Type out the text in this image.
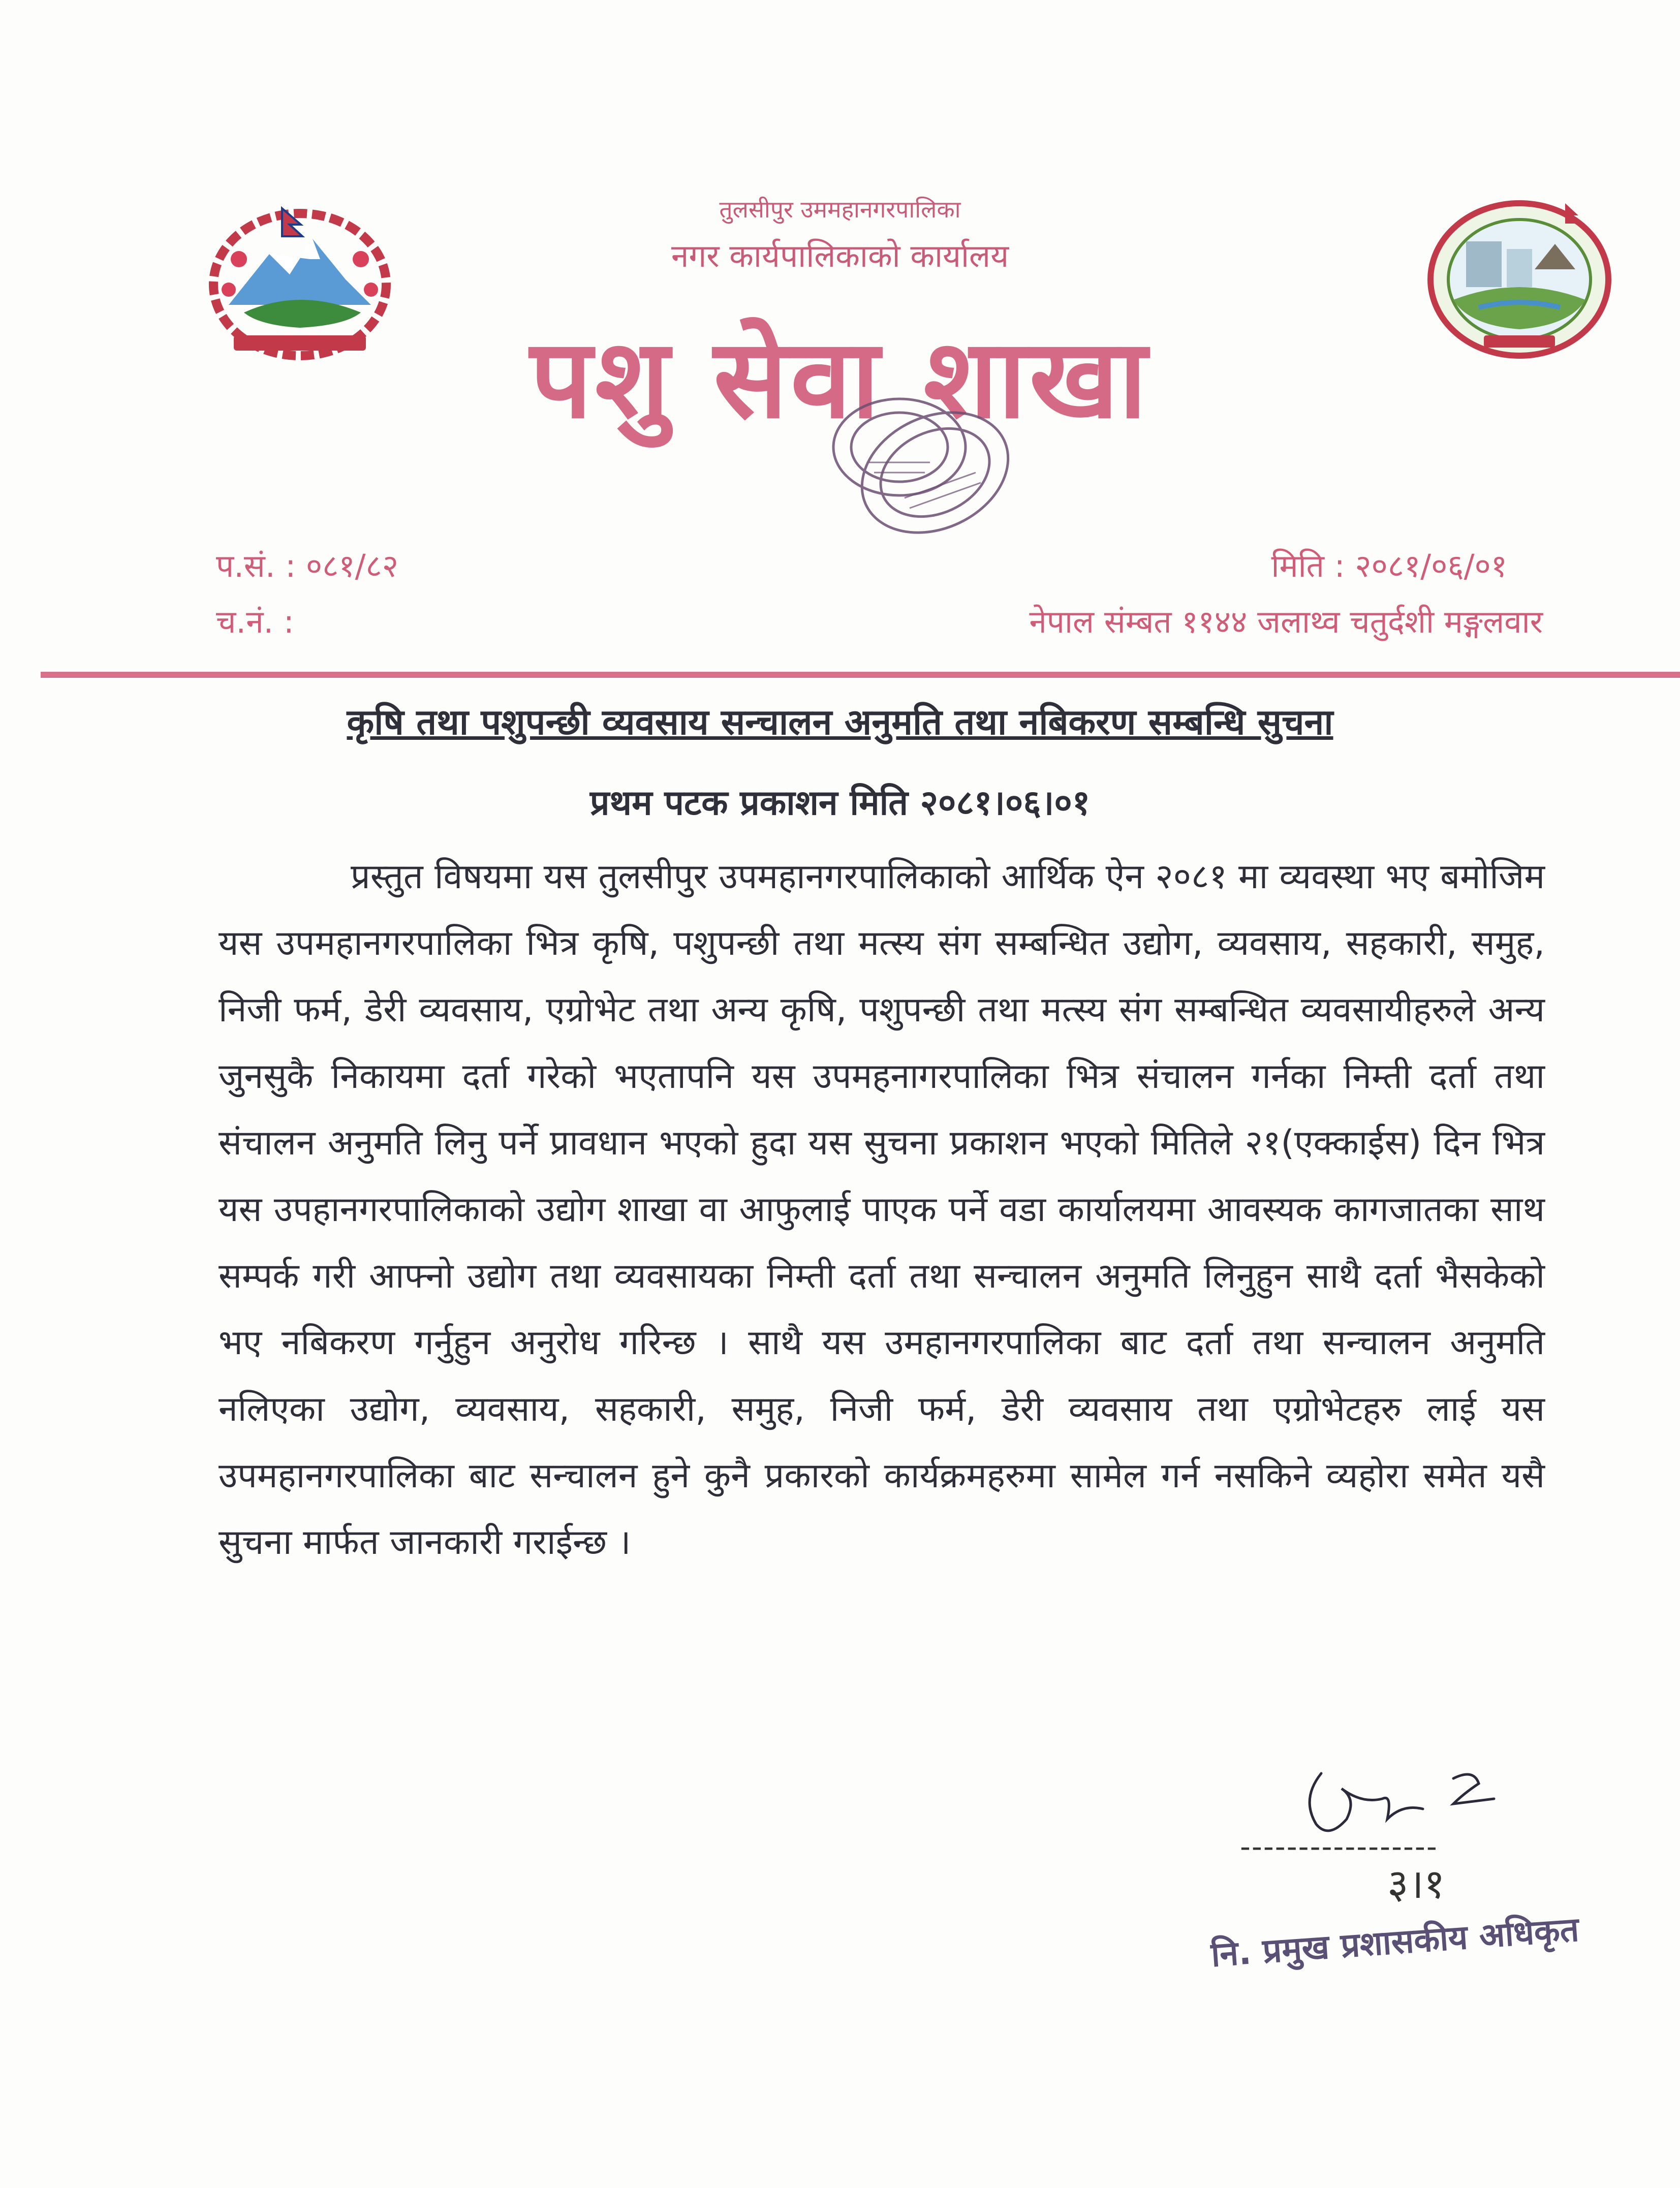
तुलसीपुर उममहानगरपालिका
नगर कार्यपालिकाको कार्यालय
पशु सेवा शाखा
प.सं. : ०८१/८२
च.नं. :
मिति : २०८१/०६/०१
नेपाल संम्बत ११४४ जलाथ्व चतुर्दशी मङ्गलवार
कृषि तथा पशुपन्छी व्यवसाय सन्चालन अनुमति तथा नबिकरण सम्बन्धि सुचना
प्रथम पटक प्रकाशन मिति २०८१।०६।०१
प्रस्तुत विषयमा यस तुलसीपुर उपमहानगरपालिकाको आर्थिक ऐन २०८१ मा व्यवस्था भए बमोजिम यस उपमहानगरपालिका भित्र कृषि, पशुपन्छी तथा मत्स्य संग सम्बन्धित उद्योग, व्यवसाय, सहकारी, समुह, निजी फर्म, डेरी व्यवसाय, एग्रोभेट तथा अन्य कृषि, पशुपन्छी तथा मत्स्य संग सम्बन्धित व्यवसायीहरुले अन्य जुनसुकै निकायमा दर्ता गरेको भएतापनि यस उपमहनागरपालिका भित्र संचालन गर्नका निम्ती दर्ता तथा संचालन अनुमति लिनु पर्ने प्रावधान भएको हुदा यस सुचना प्रकाशन भएको मितिले २१(एक्काईस) दिन भित्र यस उपहानगरपालिकाको उद्योग शाखा वा आफुलाई पाएक पर्ने वडा कार्यालयमा आवस्यक कागजातका साथ सम्पर्क गरी आफ्नो उद्योग तथा व्यवसायका निम्ती दर्ता तथा सन्चालन अनुमति लिनुहुन साथै दर्ता भैसकेको भए नबिकरण गर्नुहुन अनुरोध गरिन्छ । साथै यस उमहानगरपालिका बाट दर्ता तथा सन्चालन अनुमति नलिएका उद्योग, व्यवसाय, सहकारी, समुह, निजी फर्म, डेरी व्यवसाय तथा एग्रोभेटहरु लाई यस उपमहानगरपालिका बाट सन्चालन हुने कुनै प्रकारको कार्यक्रमहरुमा सामेल गर्न नसकिने व्यहोरा समेत यसै सुचना मार्फत जानकारी गराईन्छ ।
-----------------
३।१
नि. प्रमुख प्रशासकीय अधिकृत
